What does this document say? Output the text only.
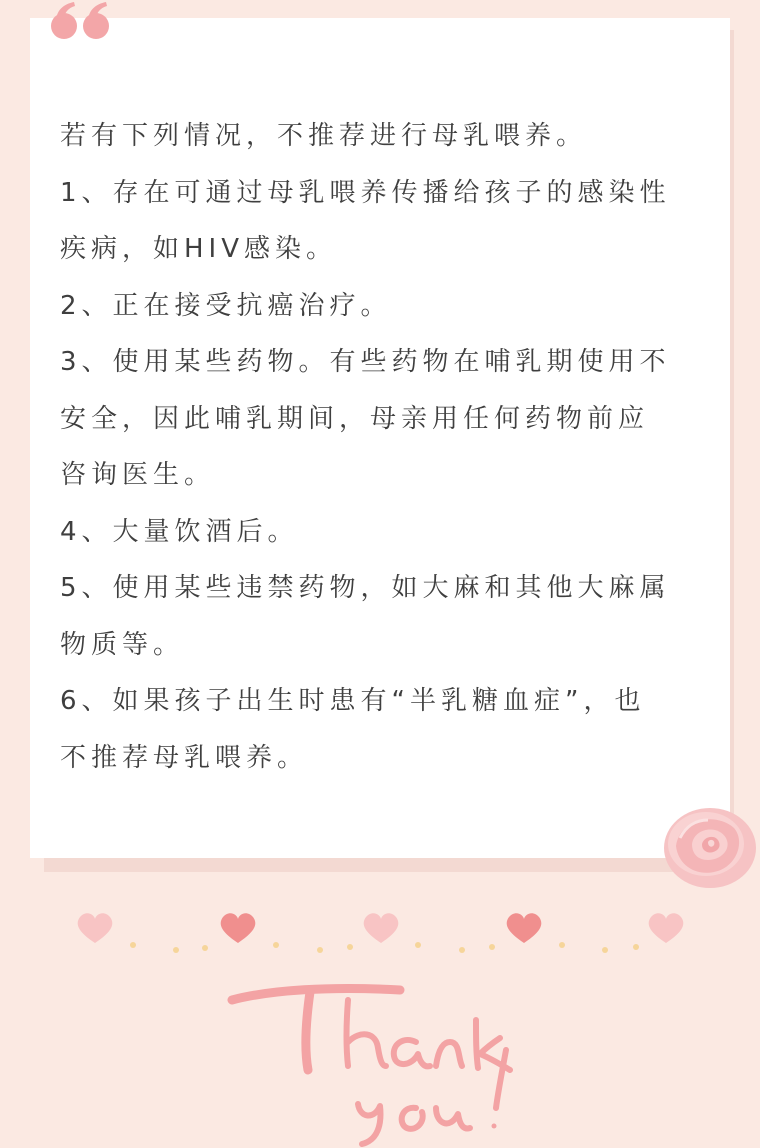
若有下列情况，不推荐进行母乳喂养。
1、存在可通过母乳喂养传播给孩子的感染性
疾病，如HIV感染。
2、正在接受抗癌治疗。
3、使用某些药物。有些药物在哺乳期使用不
安全，因此哺乳期间，母亲用任何药物前应
咨询医生。
4、大量饮酒后。
5、使用某些违禁药物，如大麻和其他大麻属
物质等。
6、如果孩子出生时患有“半乳糖血症”，也
不推荐母乳喂养。
Thank you!
